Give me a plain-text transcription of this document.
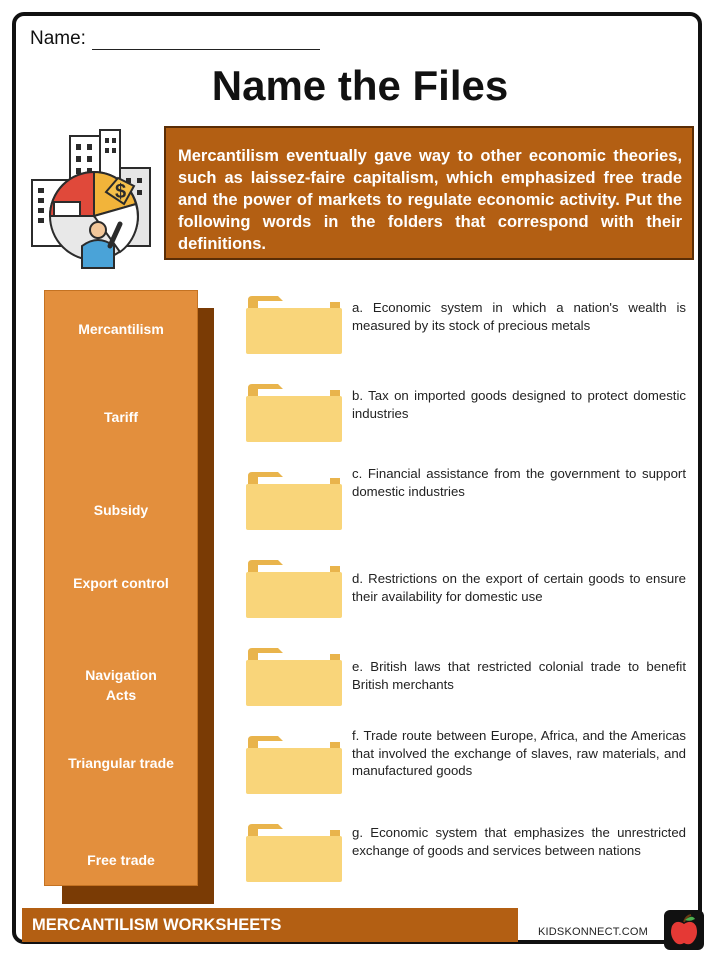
Name:
Name the Files
$
Mercantilism eventually gave way to other economic theories, such as laissez-faire capitalism, which emphasized free trade and the power of markets to regulate economic activity. Put the following words in the folders that correspond with their definitions.
Mercantilism
Tariff
Subsidy
Export control
Navigation Acts
Triangular trade
Free trade
a. Economic system in which a nation's wealth is measured by its stock of precious metals
b. Tax on imported goods designed to protect domestic industries
c. Financial assistance from the government to support domestic industries
d. Restrictions on the export of certain goods to ensure their availability for domestic use
e. British laws that restricted colonial trade to benefit British merchants
f. Trade route between Europe, Africa, and the Americas that involved the exchange of slaves, raw materials, and manufactured goods
g. Economic system that emphasizes the unrestricted exchange of goods and services between nations
MERCANTILISM WORKSHEETS	KIDSKONNECT.COM
